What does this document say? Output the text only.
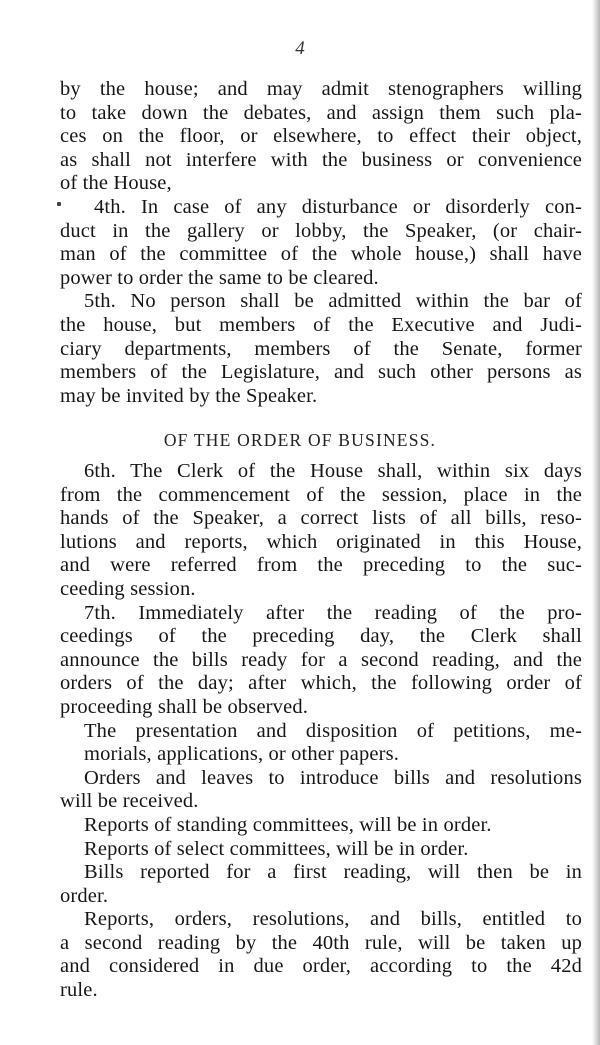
4
by the house; and may admit stenographers willing
to take down the debates, and assign them such pla-
ces on the floor, or elsewhere, to effect their object,
as shall not interfere with the business or convenience
of the House,
4th. In case of any disturbance or disorderly con-
duct in the gallery or lobby, the Speaker, (or chair-
man of the committee of the whole house,) shall have
power to order the same to be cleared.
5th. No person shall be admitted within the bar of
the house, but members of the Executive and Judi-
ciary departments, members of the Senate, former
members of the Legislature, and such other persons as
may be invited by the Speaker.
OF THE ORDER OF BUSINESS.
6th. The Clerk of the House shall, within six days
from the commencement of the session, place in the
hands of the Speaker, a correct lists of all bills, reso-
lutions and reports, which originated in this House,
and were referred from the preceding to the suc-
ceeding session.
7th. Immediately after the reading of the pro-
ceedings of the preceding day, the Clerk shall
announce the bills ready for a second reading, and the
orders of the day; after which, the following order of
proceeding shall be observed.
The presentation and disposition of petitions, me-
morials, applications, or other papers.
Orders and leaves to introduce bills and resolutions
will be received.
Reports of standing committees, will be in order.
Reports of select committees, will be in order.
Bills reported for a first reading, will then be in
order.
Reports, orders, resolutions, and bills, entitled to
a second reading by the 40th rule, will be taken up
and considered in due order, according to the 42d
rule.
